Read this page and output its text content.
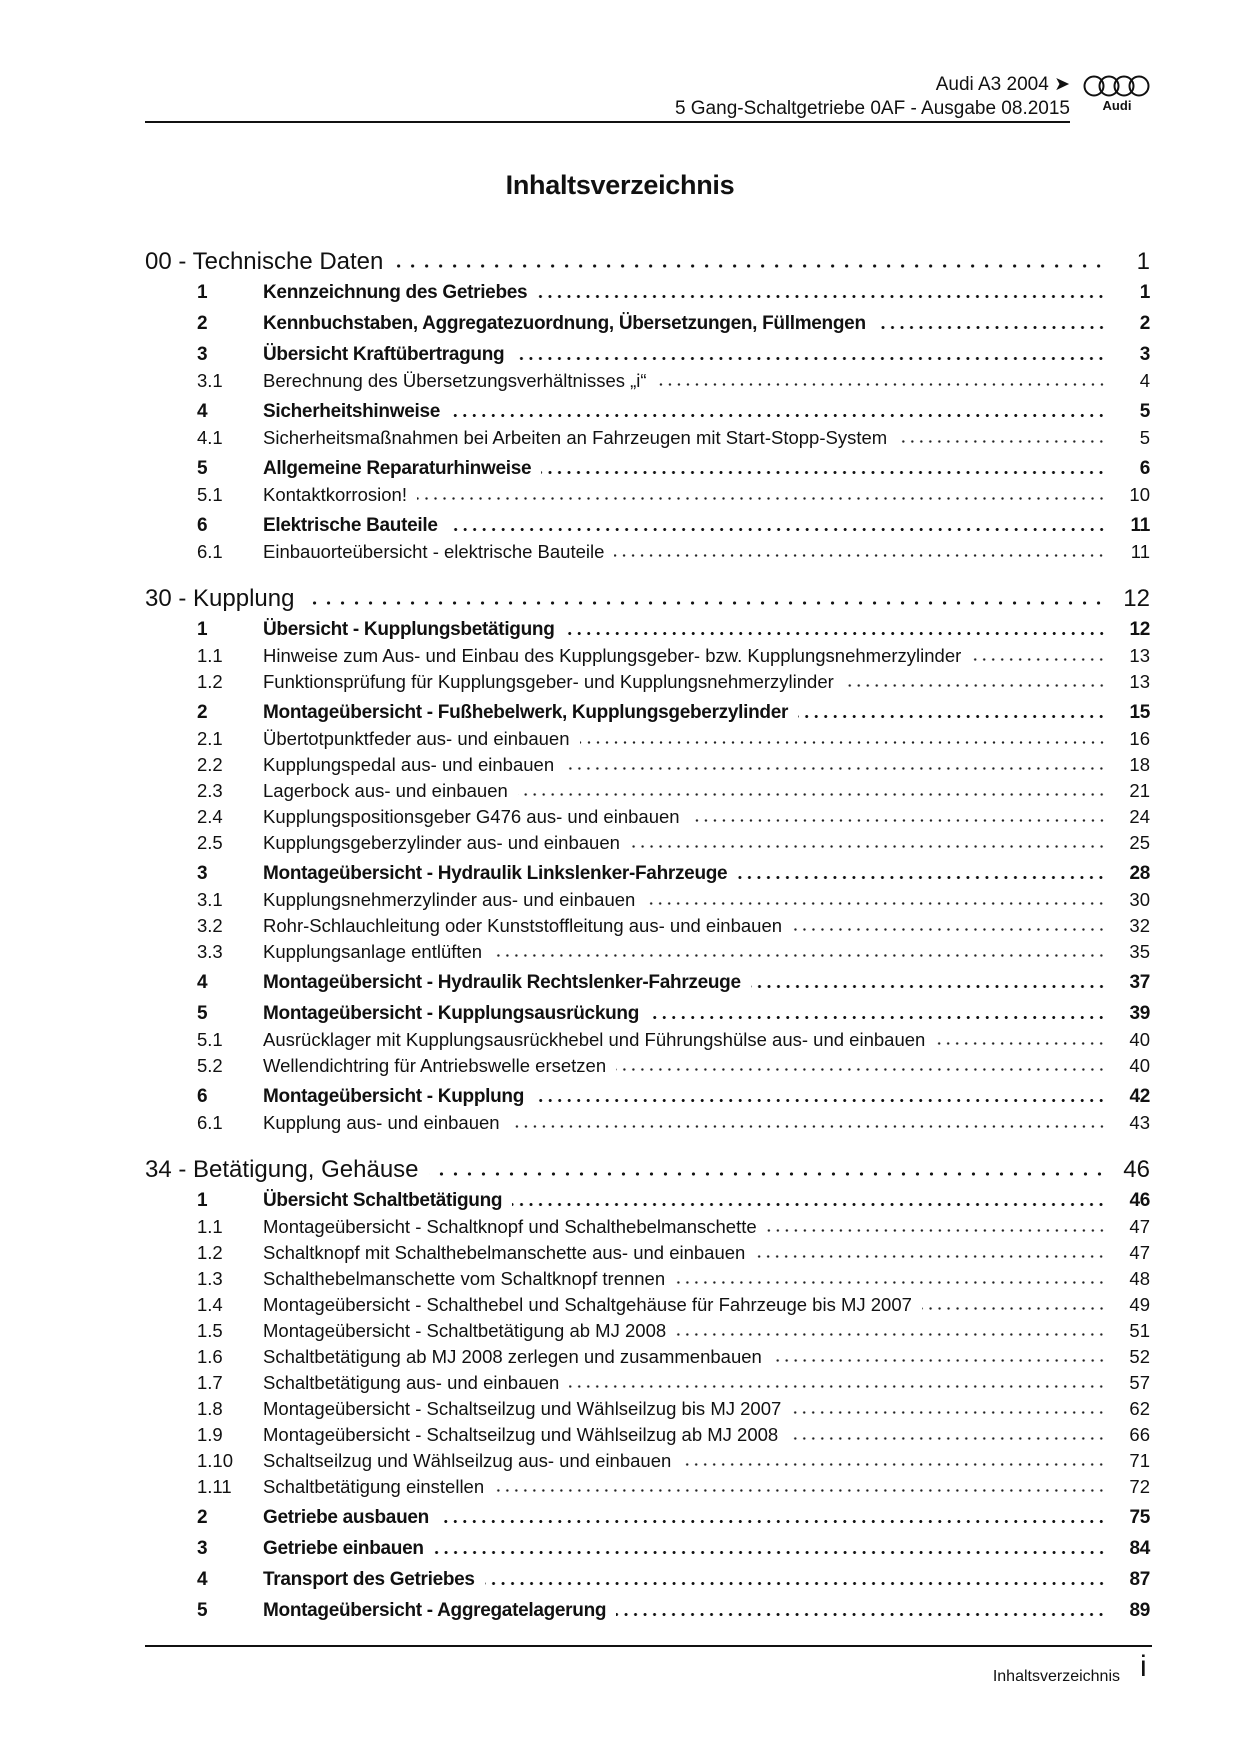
Audi A3 2004 ➤
5 Gang-Schaltgetriebe 0AF - Ausgabe 08.2015	Audi
Inhaltsverzeichnis
00 - Technische Daten	1
1	Kennzeichnung des Getriebes	1
2	Kennbuchstaben, Aggregatezuordnung, Übersetzungen, Füllmengen	2
3	Übersicht Kraftübertragung	3
3.1	Berechnung des Übersetzungsverhältnisses „i“	4
4	Sicherheitshinweise	5
4.1	Sicherheitsmaßnahmen bei Arbeiten an Fahrzeugen mit Start-Stopp-System	5
5	Allgemeine Reparaturhinweise	6
5.1	Kontaktkorrosion!	10
6	Elektrische Bauteile	11
6.1	Einbauorteübersicht - elektrische Bauteile	11
30 - Kupplung	12
1	Übersicht - Kupplungsbetätigung	12
1.1	Hinweise zum Aus- und Einbau des Kupplungsgeber- bzw. Kupplungsnehmerzylinder	13
1.2	Funktionsprüfung für Kupplungsgeber- und Kupplungsnehmerzylinder	13
2	Montageübersicht - Fußhebelwerk, Kupplungsgeberzylinder	15
2.1	Übertotpunktfeder aus- und einbauen	16
2.2	Kupplungspedal aus- und einbauen	18
2.3	Lagerbock aus- und einbauen	21
2.4	Kupplungspositionsgeber G476 aus- und einbauen	24
2.5	Kupplungsgeberzylinder aus- und einbauen	25
3	Montageübersicht - Hydraulik Linkslenker-Fahrzeuge	28
3.1	Kupplungsnehmerzylinder aus- und einbauen	30
3.2	Rohr-Schlauchleitung oder Kunststoffleitung aus- und einbauen	32
3.3	Kupplungsanlage entlüften	35
4	Montageübersicht - Hydraulik Rechtslenker-Fahrzeuge	37
5	Montageübersicht - Kupplungsausrückung	39
5.1	Ausrücklager mit Kupplungsausrückhebel und Führungshülse aus- und einbauen	40
5.2	Wellendichtring für Antriebswelle ersetzen	40
6	Montageübersicht - Kupplung	42
6.1	Kupplung aus- und einbauen	43
34 - Betätigung, Gehäuse	46
1	Übersicht Schaltbetätigung	46
1.1	Montageübersicht - Schaltknopf und Schalthebelmanschette	47
1.2	Schaltknopf mit Schalthebelmanschette aus- und einbauen	47
1.3	Schalthebelmanschette vom Schaltknopf trennen	48
1.4	Montageübersicht - Schalthebel und Schaltgehäuse für Fahrzeuge bis MJ 2007	49
1.5	Montageübersicht - Schaltbetätigung ab MJ 2008	51
1.6	Schaltbetätigung ab MJ 2008 zerlegen und zusammenbauen	52
1.7	Schaltbetätigung aus- und einbauen	57
1.8	Montageübersicht - Schaltseilzug und Wählseilzug bis MJ 2007	62
1.9	Montageübersicht - Schaltseilzug und Wählseilzug ab MJ 2008	66
1.10	Schaltseilzug und Wählseilzug aus- und einbauen	71
1.11	Schaltbetätigung einstellen	72
2	Getriebe ausbauen	75
3	Getriebe einbauen	84
4	Transport des Getriebes	87
5	Montageübersicht - Aggregatelagerung	89
Inhaltsverzeichnis i
